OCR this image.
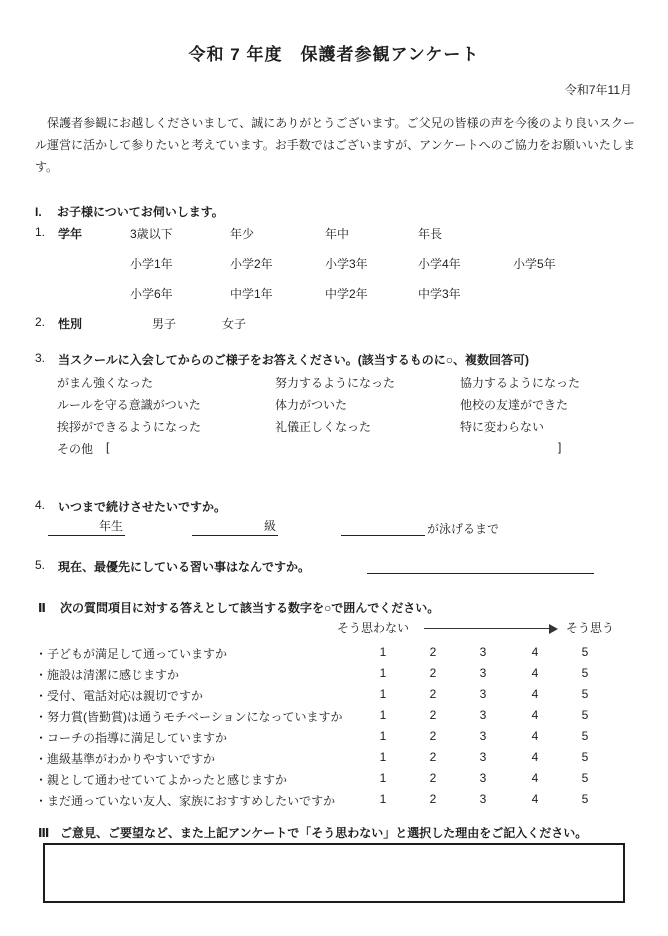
令和 7 年度　保護者参観アンケート
令和7年11月
　保護者参観にお越しくださいまして、誠にありがとうございます。ご父兄の皆様の声を今後のより良いスクール運営に活かして参りたいと考えています。お手数ではございますが、アンケートへのご協力をお願いいたします。
I. お子様についてお伺いします。
1. 学年	3歳以下	年少	年中	年長
小学1年	小学2年	小学3年	小学4年	小学5年
小学6年	中学1年	中学2年	中学3年
2. 性別	男子	女子
3. 当スクールに入会してからのご様子をお答えください。(該当するものに○、複数回答可)
がまん強くなった	努力するようになった	協力するようになった
ルールを守る意識がついた	体力がついた	他校の友達ができた
挨拶ができるようになった	礼儀正しくなった	特に変わらない
その他 [	]
4. いつまで続けさせたいですか。
年生	級	が泳げるまで
5. 現在、最優先にしている習い事はなんですか。
Ⅱ 次の質問項目に対する答えとして該当する数字を○で囲んでください。
そう思わない	そう思う
・子どもが満足して通っていますか	1	2	3	4	5
・施設は清潔に感じますか	1	2	3	4	5
・受付、電話対応は親切ですか	1	2	3	4	5
・努力賞(皆勤賞)は通うモチベーションになっていますか	1	2	3	4	5
・コーチの指導に満足していますか	1	2	3	4	5
・進級基準がわかりやすいですか	1	2	3	4	5
・親として通わせていてよかったと感じますか	1	2	3	4	5
・まだ通っていない友人、家族におすすめしたいですか	1	2	3	4	5
Ⅲ ご意見、ご要望など、また上記アンケートで「そう思わない」と選択した理由をご記入ください。
